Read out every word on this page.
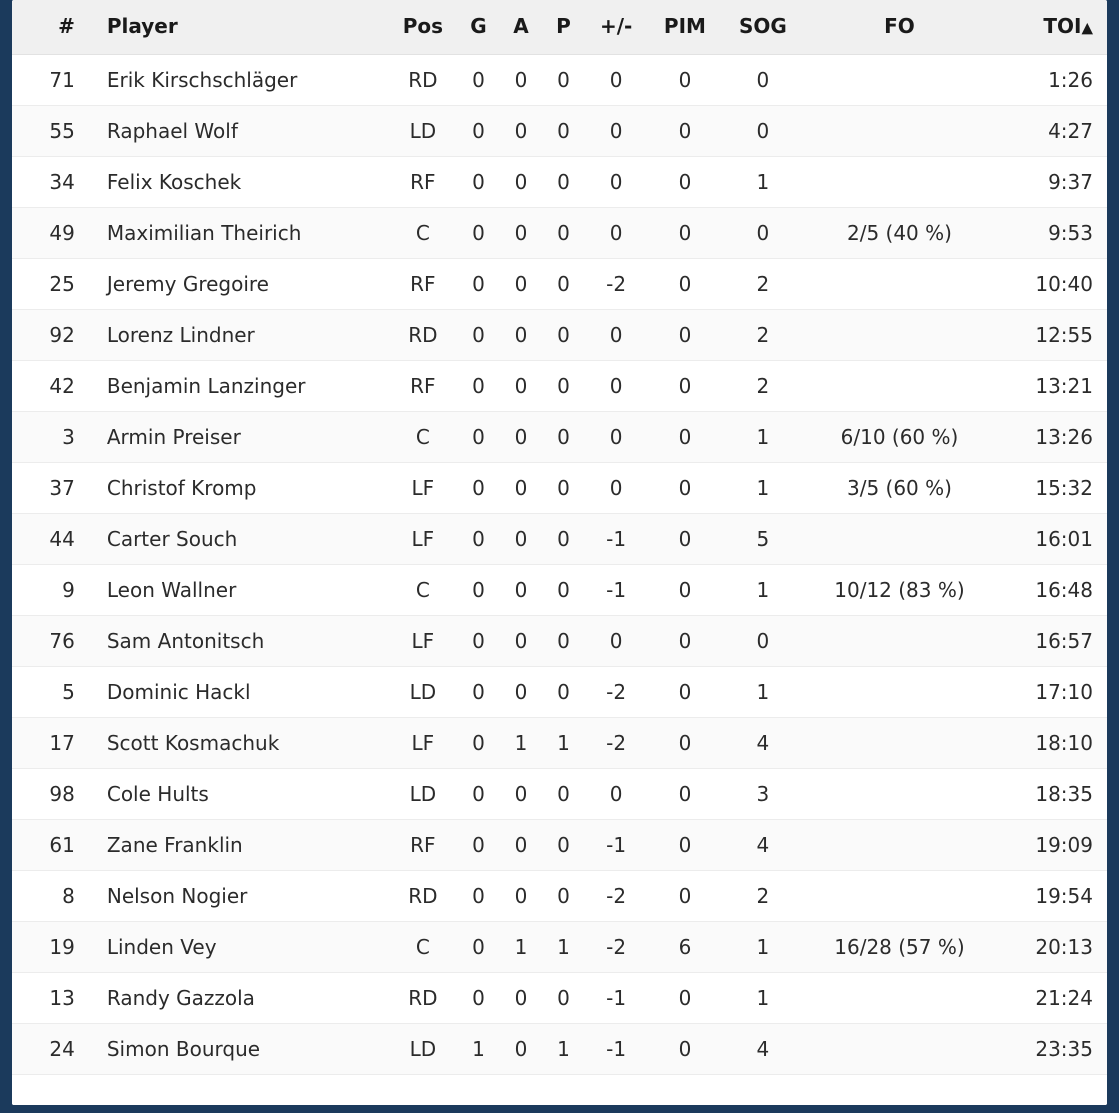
#	Player	Pos	G	A	P	+/-	PIM	SOG	FO	TOI▲
71	Erik Kirschschläger	RD	0	0	0	0	0	0		1:26
55	Raphael Wolf	LD	0	0	0	0	0	0		4:27
34	Felix Koschek	RF	0	0	0	0	0	1		9:37
49	Maximilian Theirich	C	0	0	0	0	0	0	2/5 (40 %)	9:53
25	Jeremy Gregoire	RF	0	0	0	-2	0	2		10:40
92	Lorenz Lindner	RD	0	0	0	0	0	2		12:55
42	Benjamin Lanzinger	RF	0	0	0	0	0	2		13:21
3	Armin Preiser	C	0	0	0	0	0	1	6/10 (60 %)	13:26
37	Christof Kromp	LF	0	0	0	0	0	1	3/5 (60 %)	15:32
44	Carter Souch	LF	0	0	0	-1	0	5		16:01
9	Leon Wallner	C	0	0	0	-1	0	1	10/12 (83 %)	16:48
76	Sam Antonitsch	LF	0	0	0	0	0	0		16:57
5	Dominic Hackl	LD	0	0	0	-2	0	1		17:10
17	Scott Kosmachuk	LF	0	1	1	-2	0	4		18:10
98	Cole Hults	LD	0	0	0	0	0	3		18:35
61	Zane Franklin	RF	0	0	0	-1	0	4		19:09
8	Nelson Nogier	RD	0	0	0	-2	0	2		19:54
19	Linden Vey	C	0	1	1	-2	6	1	16/28 (57 %)	20:13
13	Randy Gazzola	RD	0	0	0	-1	0	1		21:24
24	Simon Bourque	LD	1	0	1	-1	0	4		23:35
